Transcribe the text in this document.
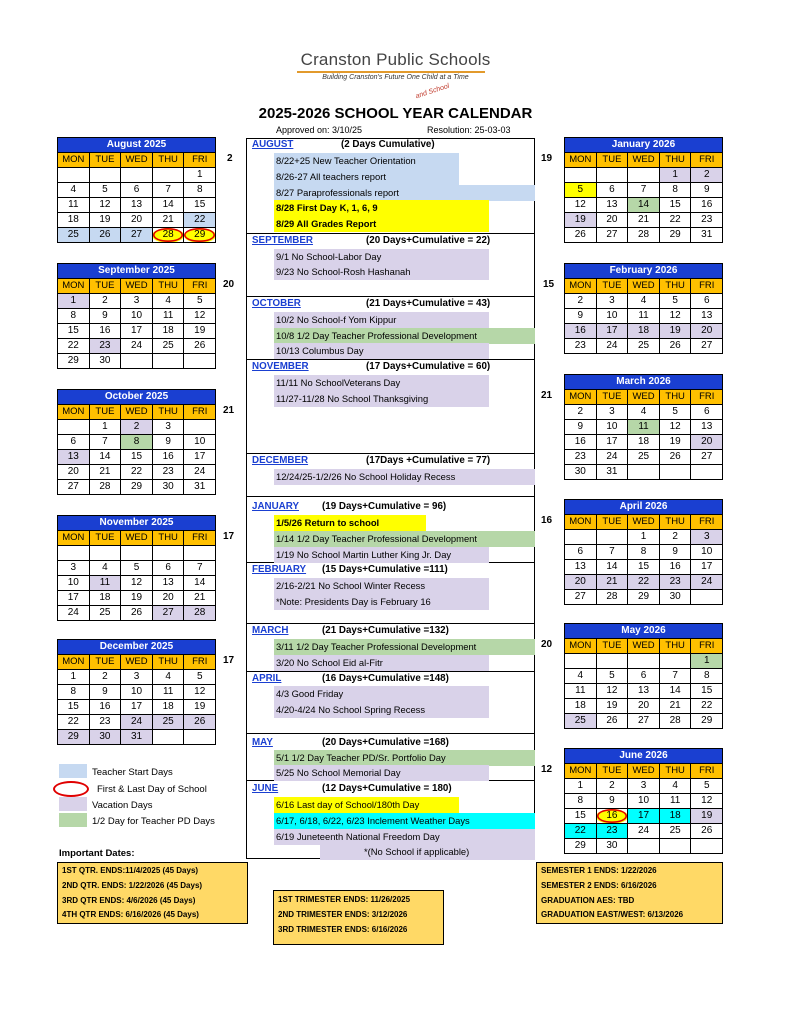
Cranston Public Schools
Building Cranston's Future One Child at a Time
and School
2025-2026 SCHOOL YEAR CALENDAR
Approved on: 3/10/25	Resolution: 25-03-03
August 2025				
MON	TUE	WED	THU	FRI
				1
4	5	6	7	8
11	12	13	14	15
18	19	20	21	22
25	26	27	28	29
2
September 2025				
MON	TUE	WED	THU	FRI
1	2	3	4	5
8	9	10	11	12
15	16	17	18	19
22	23	24	25	26
29	30			
20
October 2025				
MON	TUE	WED	THU	FRI
	1	2	3	
6	7	8	9	10
13	14	15	16	17
20	21	22	23	24
27	28	29	30	31
21
November 2025				
MON	TUE	WED	THU	FRI

3	4	5	6	7
10	11	12	13	14
17	18	19	20	21
24	25	26	27	28
17
December 2025				
MON	TUE	WED	THU	FRI
1	2	3	4	5
8	9	10	11	12
15	16	17	18	19
22	23	24	25	26
29	30	31		
17
January 2026				
MON	TUE	WED	THU	FRI
			1	2
5	6	7	8	9
12	13	14	15	16
19	20	21	22	23
26	27	28	29	31
19
February 2026				
MON	TUE	WED	THU	FRI
2	3	4	5	6
9	10	11	12	13
16	17	18	19	20
23	24	25	26	27
15
March 2026				
MON	TUE	WED	THU	FRI
2	3	4	5	6
9	10	11	12	13
16	17	18	19	20
23	24	25	26	27
30	31			
21
April 2026				
MON	TUE	WED	THU	FRI
		1	2	3
6	7	8	9	10
13	14	15	16	17
20	21	22	23	24
27	28	29	30	
16
May 2026				
MON	TUE	WED	THU	FRI
				1
4	5	6	7	8
11	12	13	14	15
18	19	20	21	22
25	26	27	28	29
20
June 2026				
MON	TUE	WED	THU	FRI
1	2	3	4	5
8	9	10	11	12
15	16	17	18	19
22	23	24	25	26
29	30			
12
AUGUST	(2 Days Cumulative)
8/22+25 New Teacher Orientation
8/26-27 All teachers report
8/27 Paraprofessionals report
8/28 First Day K, 1, 6, 9
8/29 All Grades Report
SEPTEMBER	(20 Days+Cumulative = 22)
9/1 No School-Labor Day
9/23 No School-Rosh Hashanah
OCTOBER	(21 Days+Cumulative = 43)
10/2 No School-f Yom Kippur
10/8 1/2 Day Teacher Professional Development
10/13 Columbus Day
NOVEMBER	(17 Days+Cumulative = 60)
11/11 No SchoolVeterans Day
11/27-11/28 No School Thanksgiving
DECEMBER	(17Days +Cumulative = 77)
12/24/25-1/2/26 No School Holiday Recess
JANUARY (19 Days+Cumulative = 96)
1/5/26 Return to school
1/14 1/2 Day Teacher Professional Development
1/19 No School Martin Luther King Jr. Day
FEBRUARY (15 Days+Cumulative =111)
2/16-2/21 No School Winter Recess
*Note: Presidents Day is February 16
MARCH	(21 Days+Cumulative =132)
3/11 1/2 Day Teacher Professional Development
3/20 No School Eid al-Fitr
APRIL	(16 Days+Cumulative =148)
4/3 Good Friday
4/20-4/24 No School Spring Recess
MAY	(20 Days+Cumulative =168)
5/1 1/2 Day Teacher PD/Sr. Portfolio Day
5/25 No School Memorial Day
JUNE	(12 Days+Cumulative = 180)
6/16 Last day of School/180th Day
6/17, 6/18, 6/22, 6/23 Inclement Weather Days
6/19 Juneteenth National Freedom Day
*(No School if applicable)
Teacher Start Days
First & Last Day of School
Vacation Days
1/2 Day for Teacher PD Days
Important Dates:
1ST QTR. ENDS:11/4/2025 (45 Days)
2ND QTR. ENDS: 1/22/2026 (45 Days)
3RD QTR ENDS: 4/6/2026 (45 Days)
4TH QTR ENDS: 6/16/2026 (45 Days)
1ST TRIMESTER ENDS: 11/26/2025
2ND TRIMESTER ENDS: 3/12/2026
3RD TRIMESTER ENDS: 6/16/2026
SEMESTER 1 ENDS: 1/22/2026
SEMESTER 2 ENDS: 6/16/2026
GRADUATION AES: TBD
GRADUATION EAST/WEST: 6/13/2026
